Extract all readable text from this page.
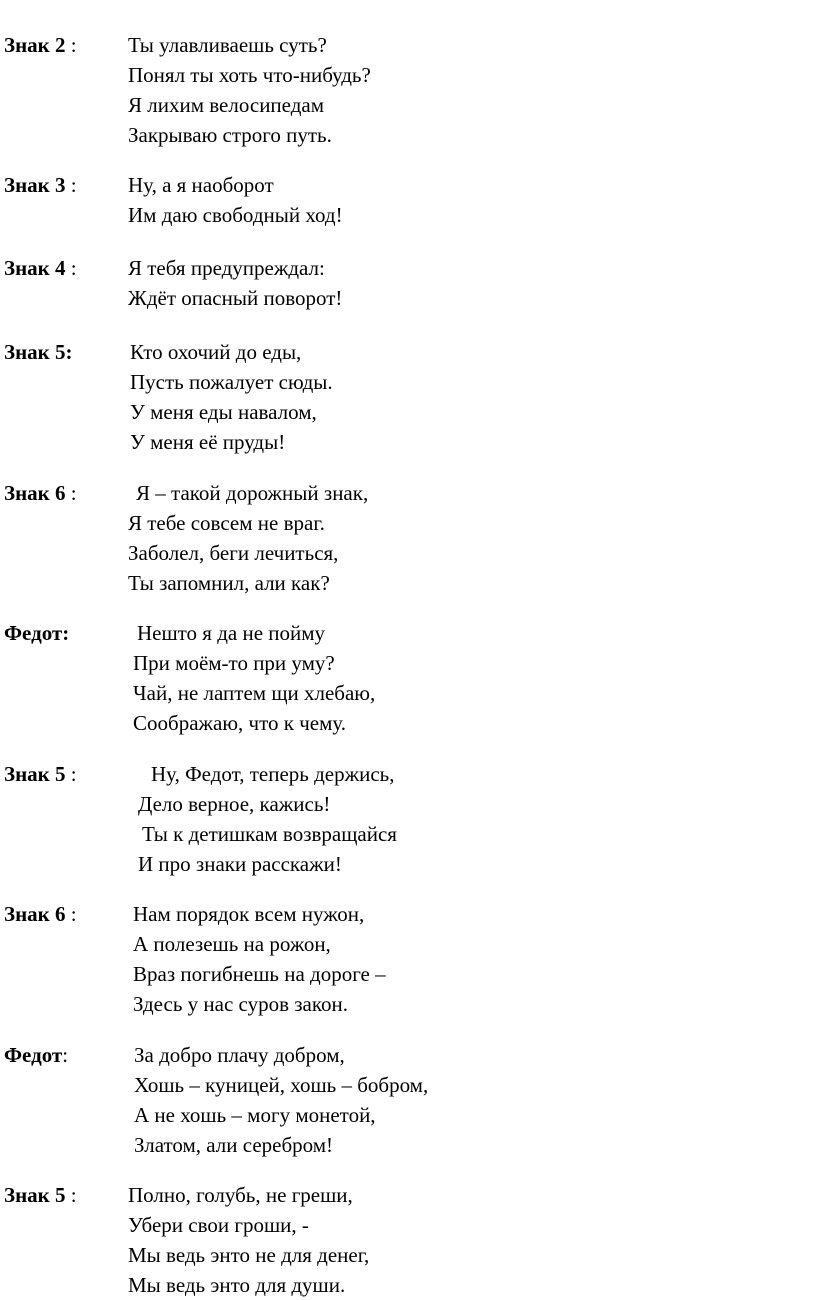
Знак 2 : Ты улавливаешь суть?
Понял ты хоть что-нибудь?
Я лихим велосипедам
Закрываю строго путь.
Знак 3 : Ну, а я наоборот
Им даю свободный ход!
Знак 4 : Я тебя предупреждал:
Ждёт опасный поворот!
Знак 5:	Кто охочий до еды,
Пусть пожалует сюды.
У меня еды навалом,
У меня её пруды!
Знак 6 :	Я – такой дорожный знак,
Я тебе совсем не враг.
Заболел, беги лечиться,
Ты запомнил, али как?
Федот:	Нешто я да не пойму
При моём-то при уму?
Чай, не лаптем щи хлебаю,
Соображаю, что к чему.
Знак 5 :	Ну, Федот, теперь держись,
Дело верное, кажись!
Ты к детишкам возвращайся
И про знаки расскажи!
Знак 6 :	Нам порядок всем нужон,
А полезешь на рожон,
Враз погибнешь на дороге –
Здесь у нас суров закон.
Федот:	За добро плачу добром,
Хошь – куницей, хошь – бобром,
А не хошь – могу монетой,
Златом, али серебром!
Знак 5 : Полно, голубь, не греши,
Убери свои гроши, -
Мы ведь энто не для денег,
Мы ведь энто для души.
